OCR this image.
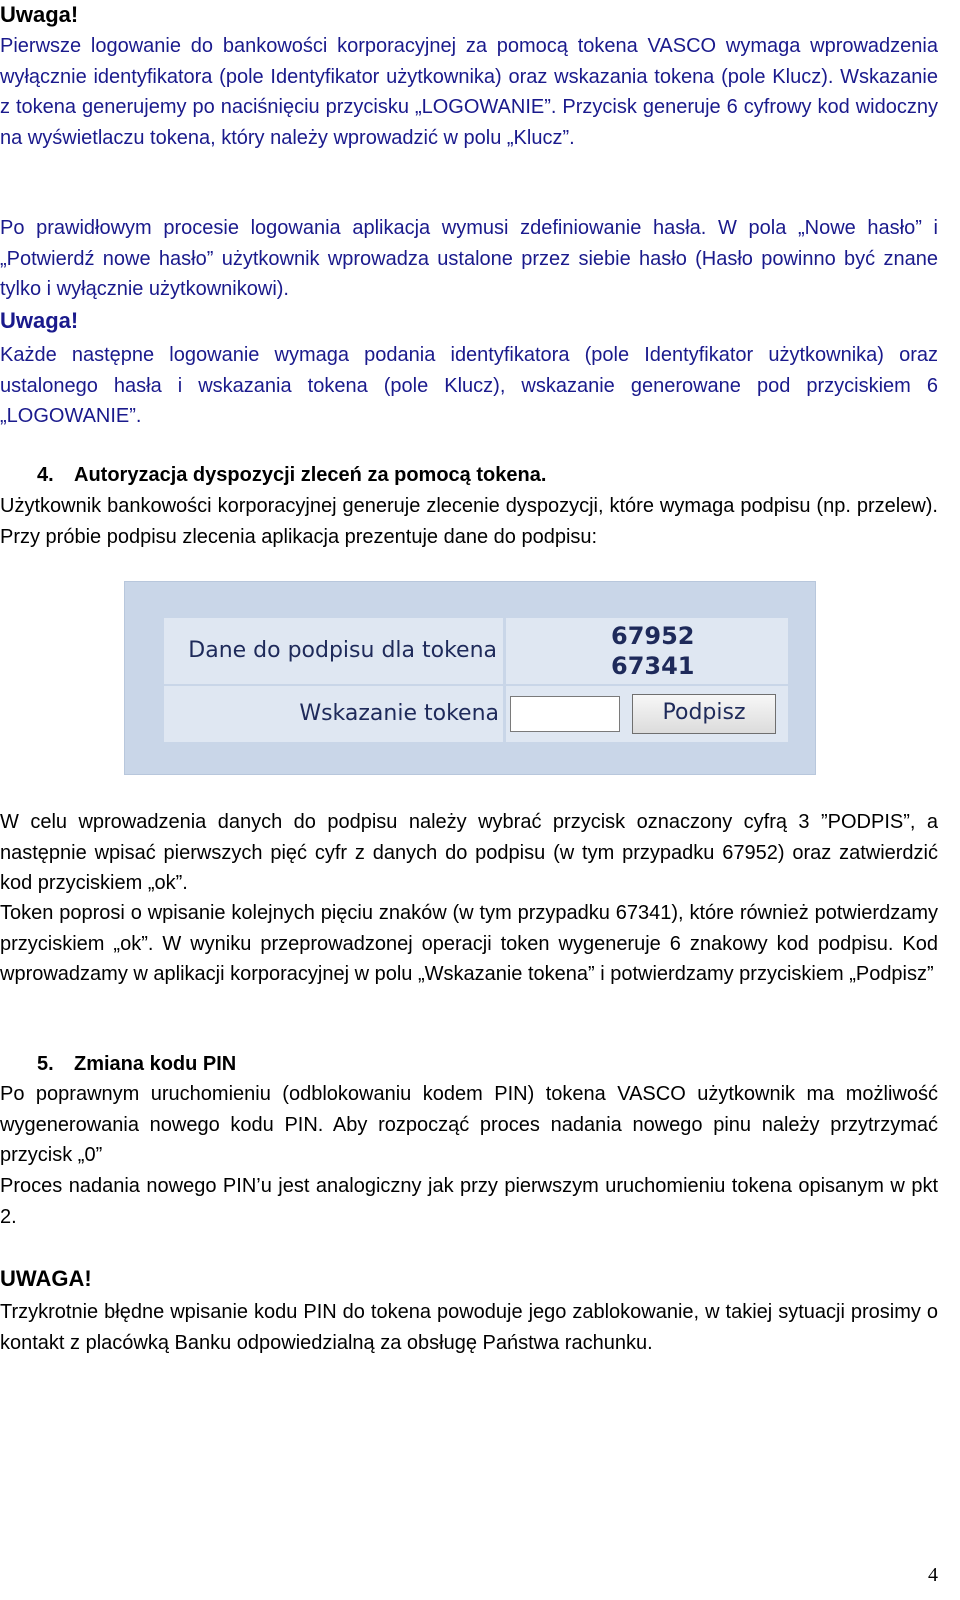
Uwaga!

Pierwsze logowanie do bankowości korporacyjnej za pomocą tokena VASCO wymaga wprowadzenia wyłącznie identyfikatora (pole Identyfikator użytkownika) oraz wskazania tokena (pole Klucz). Wskazanie z tokena generujemy po naciśnięciu przycisku „LOGOWANIE”. Przycisk generuje 6 cyfrowy kod widoczny na wyświetlaczu tokena, który należy wprowadzić w polu „Klucz”.

Po prawidłowym procesie logowania aplikacja wymusi zdefiniowanie hasła. W pola „Nowe hasło” i „Potwierdź nowe hasło” użytkownik wprowadza ustalone przez siebie hasło (Hasło powinno być znane tylko i wyłącznie użytkownikowi).

Uwaga!

Każde następne logowanie wymaga podania identyfikatora (pole Identyfikator użytkownika) oraz ustalonego hasła i wskazania tokena (pole Klucz), wskazanie generowane pod przyciskiem 6 „LOGOWANIE”.

4. Autoryzacja dyspozycji zleceń za pomocą tokena.

Użytkownik bankowości korporacyjnej generuje zlecenie dyspozycji, które wymaga podpisu (np. przelew). Przy próbie podpisu zlecenia aplikacja prezentuje dane do podpisu:

Dane do podpisu dla tokena
67952
67341
Wskazanie tokena	Podpisz

W celu wprowadzenia danych do podpisu należy wybrać przycisk oznaczony cyfrą 3 ”PODPIS”, a następnie wpisać pierwszych pięć cyfr z danych do podpisu (w tym przypadku 67952) oraz zatwierdzić kod przyciskiem „ok”.

Token poprosi o wpisanie kolejnych pięciu znaków (w tym przypadku 67341), które również potwierdzamy przyciskiem „ok”. W wyniku przeprowadzonej operacji token wygeneruje 6 znakowy kod podpisu. Kod wprowadzamy w aplikacji korporacyjnej w polu „Wskazanie tokena” i potwierdzamy przyciskiem „Podpisz”

5. Zmiana kodu PIN

Po poprawnym uruchomieniu (odblokowaniu kodem PIN) tokena VASCO użytkownik ma możliwość wygenerowania nowego kodu PIN. Aby rozpocząć proces nadania nowego pinu należy przytrzymać przycisk „0”

Proces nadania nowego PIN’u jest analogiczny jak przy pierwszym uruchomieniu tokena opisanym w pkt 2.

UWAGA!

Trzykrotnie błędne wpisanie kodu PIN do tokena powoduje jego zablokowanie, w takiej sytuacji prosimy o kontakt z placówką Banku odpowiedzialną za obsługę Państwa rachunku.

4
